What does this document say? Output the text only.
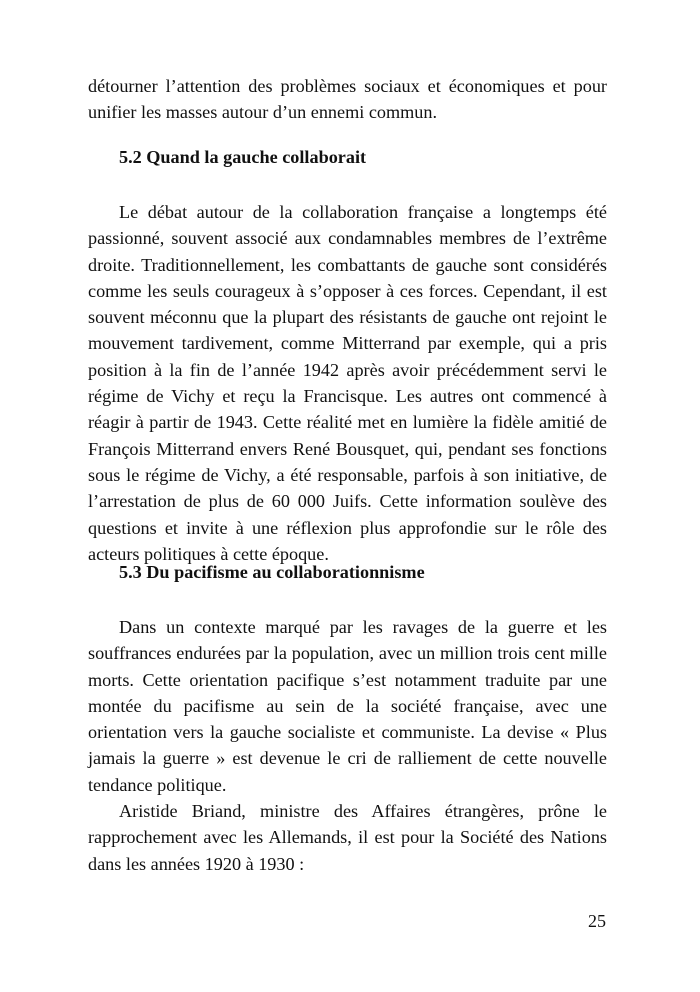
détourner l’attention des problèmes sociaux et économiques et pour
unifier les masses autour d’un ennemi commun.
5.2 Quand la gauche collaborait
Le débat autour de la collaboration française a longtemps été
passionné, souvent associé aux condamnables membres de l’extrême
droite. Traditionnellement, les combattants de gauche sont considérés
comme les seuls courageux à s’opposer à ces forces. Cependant, il est
souvent méconnu que la plupart des résistants de gauche ont rejoint le
mouvement tardivement, comme Mitterrand par exemple, qui a pris
position à la fin de l’année 1942 après avoir précédemment servi le
régime de Vichy et reçu la Francisque. Les autres ont commencé à
réagir à partir de 1943. Cette réalité met en lumière la fidèle amitié de
François Mitterrand envers René Bousquet, qui, pendant ses fonctions
sous le régime de Vichy, a été responsable, parfois à son initiative, de
l’arrestation de plus de 60 000 Juifs. Cette information soulève des
questions et invite à une réflexion plus approfondie sur le rôle des
acteurs politiques à cette époque.
5.3 Du pacifisme au collaborationnisme
Dans un contexte marqué par les ravages de la guerre et les
souffrances endurées par la population, avec un million trois cent mille
morts. Cette orientation pacifique s’est notamment traduite par une
montée du pacifisme au sein de la société française, avec une
orientation vers la gauche socialiste et communiste. La devise « Plus
jamais la guerre » est devenue le cri de ralliement de cette nouvelle
tendance politique.
Aristide Briand, ministre des Affaires étrangères, prône le
rapprochement avec les Allemands, il est pour la Société des Nations
dans les années 1920 à 1930 :
25
